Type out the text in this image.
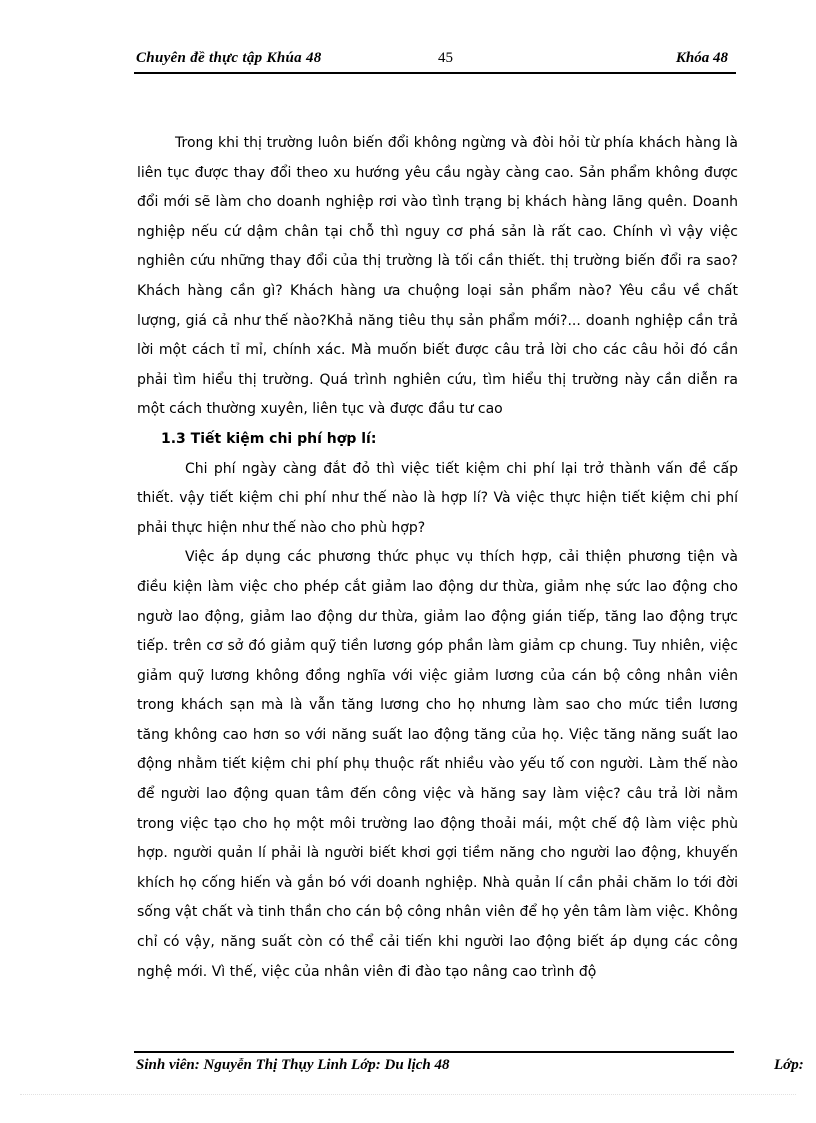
Chuyên đề thực tập Khúa 48	45	Khóa 48

Trong khi thị trường luôn biến đổi không ngừng và đòi hỏi từ phía khách hàng là liên tục được thay đổi theo xu hướng yêu cầu ngày càng cao. Sản phẩm không được đổi mới sẽ làm cho doanh nghiệp rơi vào tình trạng bị khách hàng lãng quên. Doanh nghiệp nếu cứ dậm chân tại chỗ thì nguy cơ phá sản là rất cao. Chính vì vậy việc nghiên cứu những thay đổi của thị trường là tối cần thiết. thị trường biến đổi ra sao? Khách hàng cần gì? Khách hàng ưa chuộng loại sản phẩm nào? Yêu cầu về chất lượng, giá cả như thế nào?Khả năng tiêu thụ sản phẩm mới?... doanh nghiệp cần trả lời một cách tỉ mỉ, chính xác. Mà muốn biết được câu trả lời cho các câu hỏi đó cần phải tìm hiểu thị trường. Quá trình nghiên cứu, tìm hiểu thị trường này cần diễn ra một cách thường xuyên, liên tục và được đầu tư cao

1.3 Tiết kiệm chi phí hợp lí:

Chi phí ngày càng đắt đỏ thì việc tiết kiệm chi phí lại trở thành vấn đề cấp thiết. vậy tiết kiệm chi phí như thế nào là hợp lí? Và việc thực hiện tiết kiệm chi phí phải thực hiện như thế nào cho phù hợp?

Việc áp dụng các phương thức phục vụ thích hợp, cải thiện phương tiện và điều kiện làm việc cho phép cắt giảm lao động dư thừa, giảm nhẹ sức lao động cho ngườ lao động, giảm lao động dư thừa, giảm lao động gián tiếp, tăng lao động trực tiếp. trên cơ sở đó giảm quỹ tiền lương góp phần làm giảm cp chung. Tuy nhiên, việc giảm quỹ lương không đồng nghĩa với việc giảm lương của cán bộ công nhân viên trong khách sạn mà là vẫn tăng lương cho họ nhưng làm sao cho mức tiền lương tăng không cao hơn so với năng suất lao động tăng của họ. Việc tăng năng suất lao động nhằm tiết kiệm chi phí phụ thuộc rất nhiều vào yếu tố con người. Làm thế nào để người lao động quan tâm đến công việc và hăng say làm việc? câu trả lời nằm trong việc tạo cho họ một môi trường lao động thoải mái, một chế độ làm việc phù hợp. người quản lí phải là người biết khơi gợi tiềm năng cho người lao động, khuyến khích họ cống hiến và gắn bó với doanh nghiệp. Nhà quản lí cần phải chăm lo tới đời sống vật chất và tinh thần cho cán bộ công nhân viên để họ yên tâm làm việc. Không chỉ có vậy, năng suất còn có thể cải tiến khi người lao động biết áp dụng các công nghệ mới. Vì thế, việc của nhân viên đi đào tạo nâng cao trình độ

Sinh viên: Nguyễn Thị Thụy Linh Lớp: Du lịch 48	Lớp:
